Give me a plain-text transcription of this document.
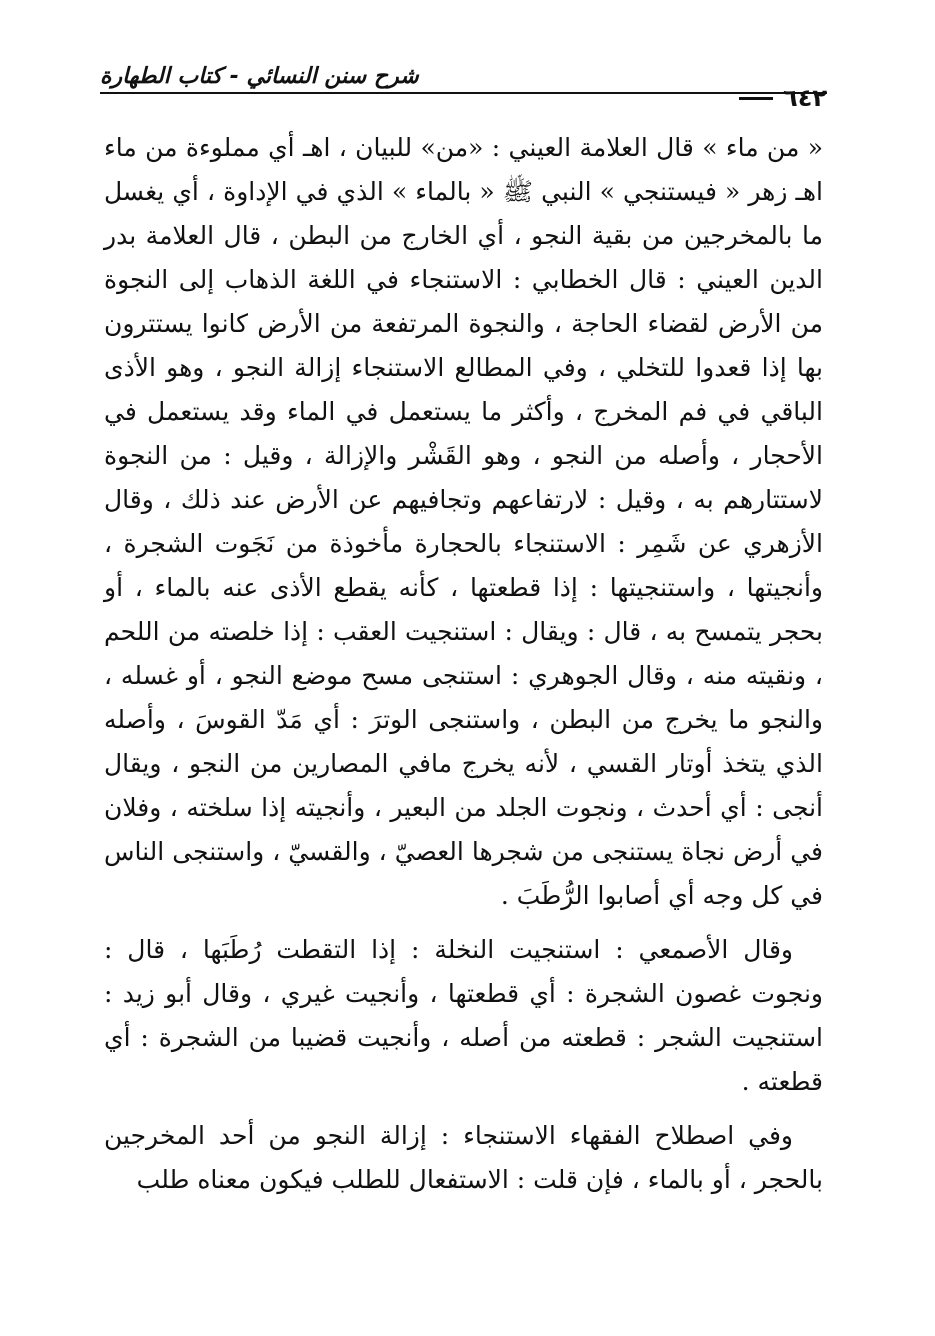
شرح سنن النسائي - كتاب الطهارة
٦٤٢

« من ماء » قال العلامة العيني : «من» للبيان ، اهـ أي مملوءة من ماء اهـ زهر « فيستنجي » النبي ﷺ « بالماء » الذي في الإداوة ، أي يغسل ما بالمخرجين من بقية النجو ، أي الخارج من البطن ، قال العلامة بدر الدين العيني : قال الخطابي : الاستنجاء في اللغة الذهاب إلى النجوة من الأرض لقضاء الحاجة ، والنجوة المرتفعة من الأرض كانوا يستترون بها إذا قعدوا للتخلي ، وفي المطالع الاستنجاء إزالة النجو ، وهو الأذى الباقي في فم المخرج ، وأكثر ما يستعمل في الماء وقد يستعمل في الأحجار ، وأصله من النجو ، وهو القَشْر والإزالة ، وقيل : من النجوة لاستتارهم به ، وقيل : لارتفاعهم وتجافيهم عن الأرض عند ذلك ، وقال الأزهري عن شَمِر : الاستنجاء بالحجارة مأخوذة من نَجَوت الشجرة ، وأنجيتها ، واستنجيتها : إذا قطعتها ، كأنه يقطع الأذى عنه بالماء ، أو بحجر يتمسح به ، قال : ويقال : استنجيت العقب : إذا خلصته من اللحم ، ونقيته منه ، وقال الجوهري : استنجى مسح موضع النجو ، أو غسله ، والنجو ما يخرج من البطن ، واستنجى الوترَ : أي مَدّ القوسَ ، وأصله الذي يتخذ أوتار القسي ، لأنه يخرج مافي المصارين من النجو ، ويقال أنجى : أي أحدث ، ونجوت الجلد من البعير ، وأنجيته إذا سلخته ، وفلان في أرض نجاة يستنجى من شجرها العصيّ ، والقسيّ ، واستنجى الناس في كل وجه أي أصابوا الرُّطَبَ .

وقال الأصمعي : استنجيت النخلة : إذا التقطت رُطَبَها ، قال : ونجوت غصون الشجرة : أي قطعتها ، وأنجيت غيري ، وقال أبو زيد : استنجيت الشجر : قطعته من أصله ، وأنجيت قضيبا من الشجرة : أي قطعته .

وفي اصطلاح الفقهاء الاستنجاء : إزالة النجو من أحد المخرجين بالحجر ، أو بالماء ، فإن قلت : الاستفعال للطلب فيكون معناه طلب
